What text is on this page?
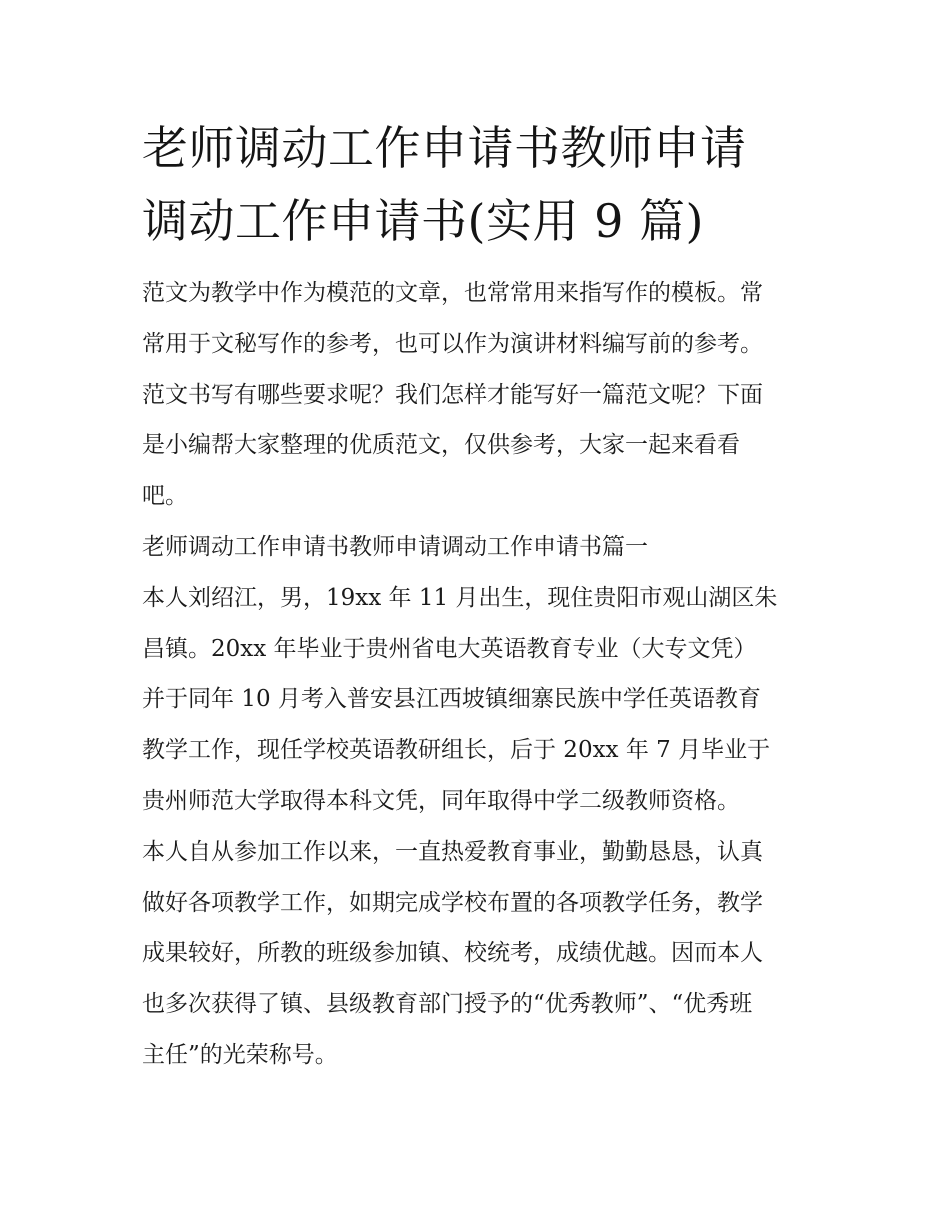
老师调动工作申请书教师申请
调动工作申请书(实用 9 篇)
范文为教学中作为模范的文章，也常常用来指写作的模板。常
常用于文秘写作的参考，也可以作为演讲材料编写前的参考。
范文书写有哪些要求呢？我们怎样才能写好一篇范文呢？下面
是小编帮大家整理的优质范文，仅供参考，大家一起来看看
吧。
老师调动工作申请书教师申请调动工作申请书篇一
本人刘绍江，男，19xx 年 11 月出生，现住贵阳市观山湖区朱
昌镇。20xx 年毕业于贵州省电大英语教育专业（大专文凭）
并于同年 10 月考入普安县江西坡镇细寨民族中学任英语教育
教学工作，现任学校英语教研组长，后于 20xx 年 7 月毕业于
贵州师范大学取得本科文凭，同年取得中学二级教师资格。
本人自从参加工作以来，一直热爱教育事业，勤勤恳恳，认真
做好各项教学工作，如期完成学校布置的各项教学任务，教学
成果较好，所教的班级参加镇、校统考，成绩优越。因而本人
也多次获得了镇、县级教育部门授予的“优秀教师”、“优秀班
主任”的光荣称号。
